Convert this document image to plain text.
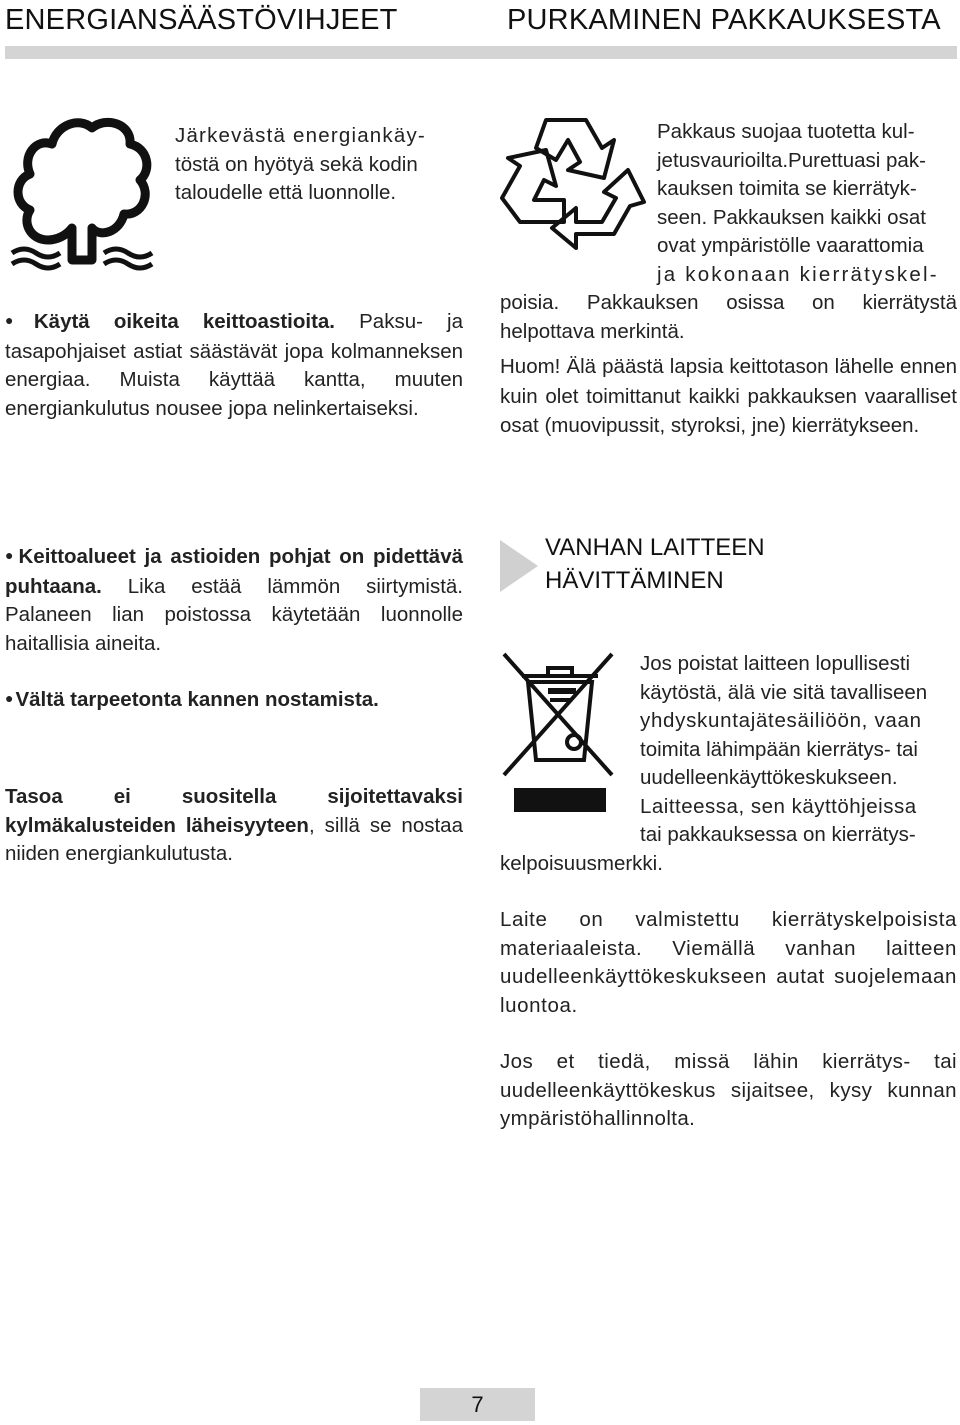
ENERGIANSÄÄSTÖVIHJEET	PURKAMINEN PAKKAUKSESTA
Järkevästä energiankäy-
töstä on hyötyä sekä kodin
taloudelle että luonnolle.
● Käytä oikeita keittoastioita. Paksu- ja tasapohjaiset astiat säästävät jopa kolmanneksen energiaa. Muista käyttää kantta, muuten energiankulutus nousee jopa nelinkertaiseksi.
● Keittoalueet ja astioiden pohjat on pidettävä puhtaana. Lika estää lämmön siirtymistä. Palaneen lian poistossa käytetään luonnolle haitallisia aineita.
● Vältä tarpeetonta kannen nostamista.
Tasoa ei suositella sijoitettavaksi kylmäkalusteiden läheisyyteen, sillä se nostaa niiden energiankulutusta.
Pakkaus suojaa tuotetta kul-
jetusvaurioilta.Purettuasi pak-
kauksen toimita se kierrätyk-
seen. Pakkauksen kaikki osat
ovat ympäristölle vaarattomia
ja kokonaan kierrätyskel-
poisia. Pakkauksen osissa on kierrätystä helpottava merkintä.
Huom! Älä päästä lapsia keittotason lähelle ennen kuin olet toimittanut kaikki pakkauksen vaaralliset osat (muovipussit, styroksi, jne) kierrätykseen.
VANHAN LAITTEEN
HÄVITTÄMINEN
Jos poistat laitteen lopullisesti
käytöstä, älä vie sitä tavalliseen
yhdyskuntajätesäiliöön, vaan
toimita lähimpään kierrätys- tai
uudelleenkäyttökeskukseen.
Laitteessa, sen käyttöhjeissa
tai pakkauksessa on kierrätys-
kelpoisuusmerkki.
Laite on valmistettu kierrätyskelpoisista materiaaleista. Viemällä vanhan laitteen uudelleenkäyttökeskukseen autat suojelemaan luontoa.
Jos et tiedä, missä lähin kierrätys- tai uudelleenkäyttökeskus sijaitsee, kysy kunnan ympäristöhallinnolta.
7
